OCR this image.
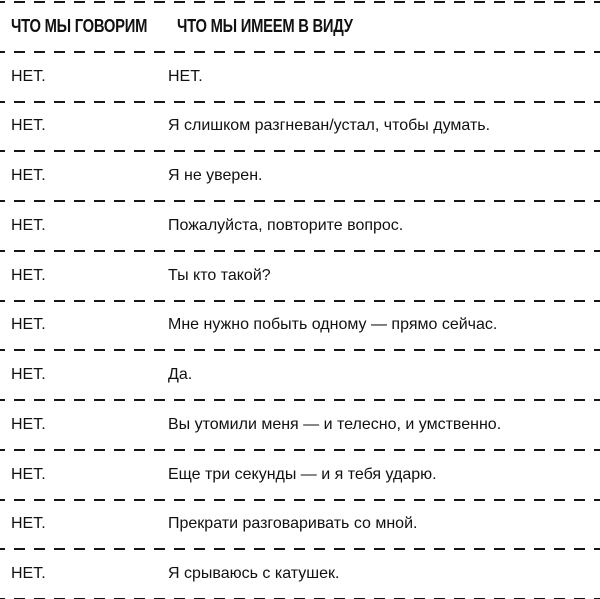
ЧТО МЫ ГОВОРИМ	ЧТО МЫ ИМЕЕМ В ВИДУ
НЕТ.	НЕТ.
НЕТ.	Я слишком разгневан/устал, чтобы думать.
НЕТ.	Я не уверен.
НЕТ.	Пожалуйста, повторите вопрос.
НЕТ.	Ты кто такой?
НЕТ.	Мне нужно побыть одному — прямо сейчас.
НЕТ.	Да.
НЕТ.	Вы утомили меня — и телесно, и умственно.
НЕТ.	Еще три секунды — и я тебя ударю.
НЕТ.	Прекрати разговаривать со мной.
НЕТ.	Я срываюсь с катушек.
